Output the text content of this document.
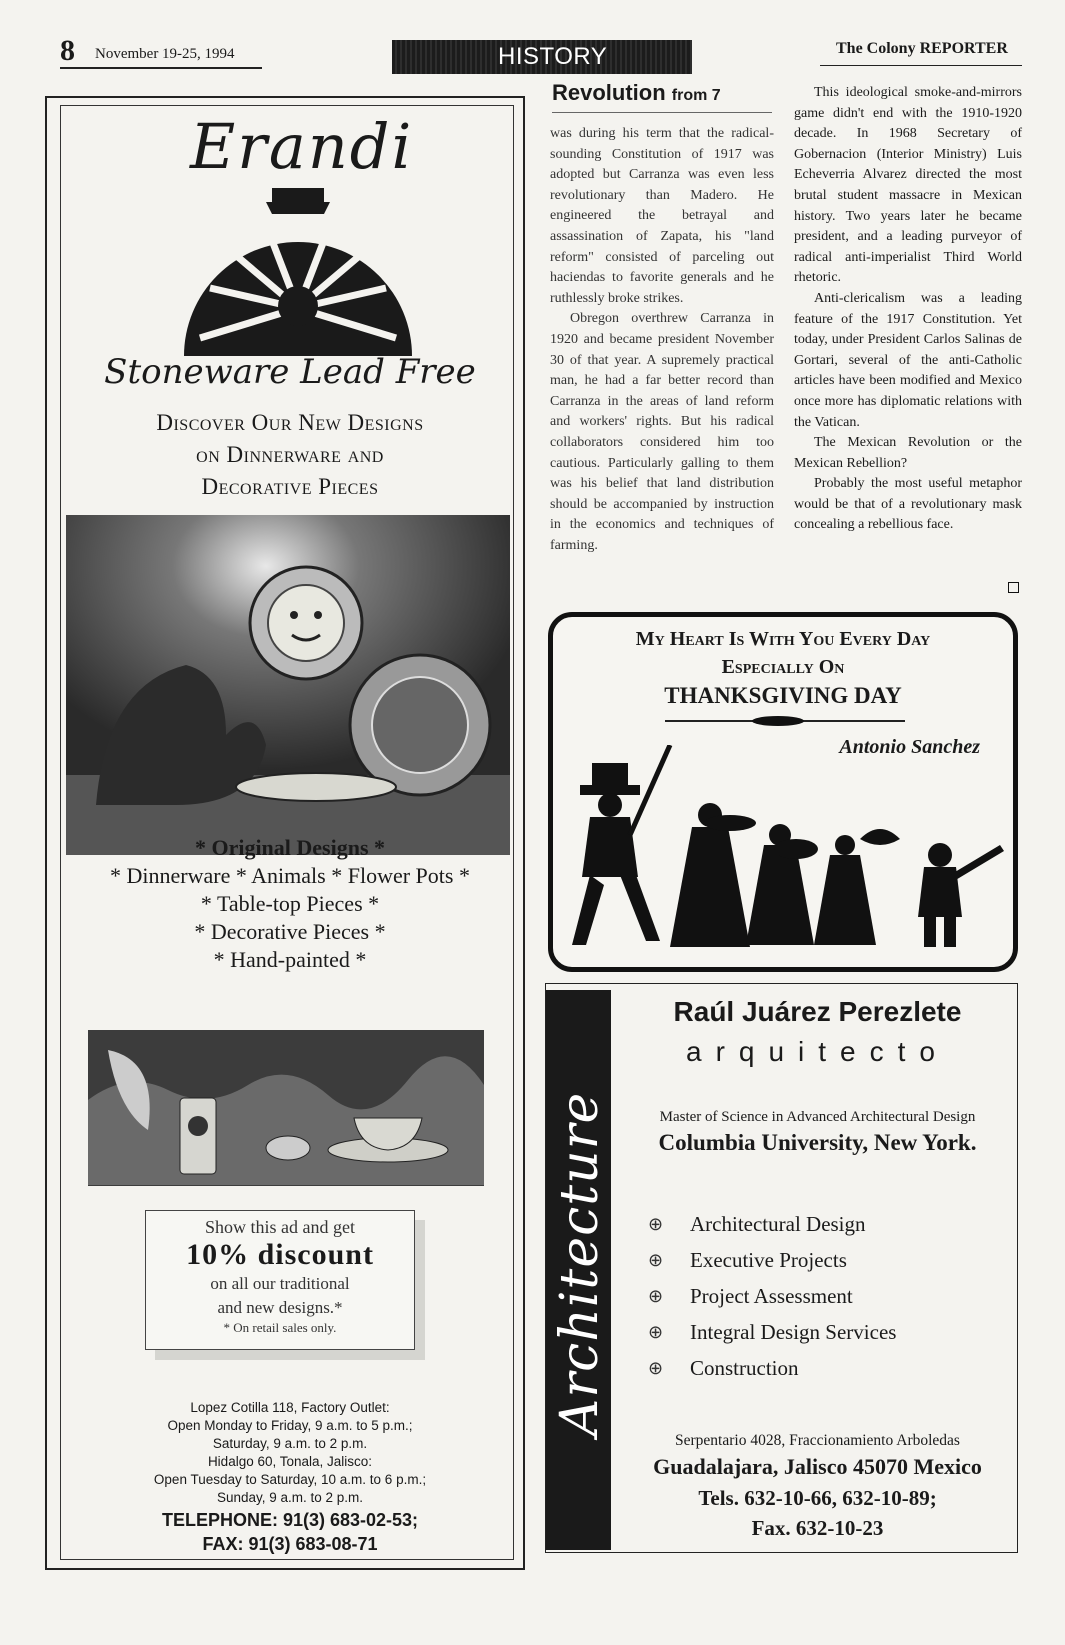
8 November 19-25, 1994	HISTORY	The Colony REPORTER
Erandi
Stoneware Lead Free
Discover Our New Designs
on Dinnerware and
Decorative Pieces
* Original Designs *
* Dinnerware * Animals * Flower Pots *
* Table-top Pieces *
* Decorative Pieces *
* Hand-painted *
Show this ad and get
10% discount
on all our traditional
and new designs.*
* On retail sales only.
Lopez Cotilla 118, Factory Outlet:
Open Monday to Friday, 9 a.m. to 5 p.m.;
Saturday, 9 a.m. to 2 p.m.
Hidalgo 60, Tonala, Jalisco:
Open Tuesday to Saturday, 10 a.m. to 6 p.m.;
Sunday, 9 a.m. to 2 p.m.
TELEPHONE: 91(3) 683-02-53;
FAX: 91(3) 683-08-71
Revolution from 7

was during his term that the radical-sounding Constitution of 1917 was adopted but Carranza was even less revolutionary than Madero. He engineered the betrayal and assassination of Zapata, his "land reform" consisted of parceling out haciendas to favorite generals and he ruthlessly broke strikes.

Obregon overthrew Carranza in 1920 and became president November 30 of that year. A supremely practical man, he had a far better record than Carranza in the areas of land reform and workers' rights. But his radical collaborators considered him too cautious. Particularly galling to them was his belief that land distribution should be accompanied by instruction in the economics and techniques of farming.

This ideological smoke-and-mirrors game didn't end with the 1910-1920 decade. In 1968 Secretary of Gobernacion (Interior Ministry) Luis Echeverria Alvarez directed the most brutal student massacre in Mexican history. Two years later he became president, and a leading purveyor of radical anti-imperialist Third World rhetoric.

Anti-clericalism was a leading feature of the 1917 Constitution. Yet today, under President Carlos Salinas de Gortari, several of the anti-Catholic articles have been modified and Mexico once more has diplomatic relations with the Vatican.

The Mexican Revolution or the Mexican Rebellion?

Probably the most useful metaphor would be that of a revolutionary mask concealing a rebellious face.

My Heart Is With You Every Day
Especially On
THANKSGIVING DAY
Antonio Sanchez
Architecture
Raúl Juárez Perezlete
arquitecto
Master of Science in Advanced Architectural Design
Columbia University, New York.
⊕	Architectural Design
⊕	Executive Projects
⊕	Project Assessment
⊕	Integral Design Services
⊕	Construction
Serpentario 4028, Fraccionamiento Arboledas
Guadalajara, Jalisco 45070 Mexico
Tels. 632-10-66, 632-10-89;
Fax. 632-10-23
